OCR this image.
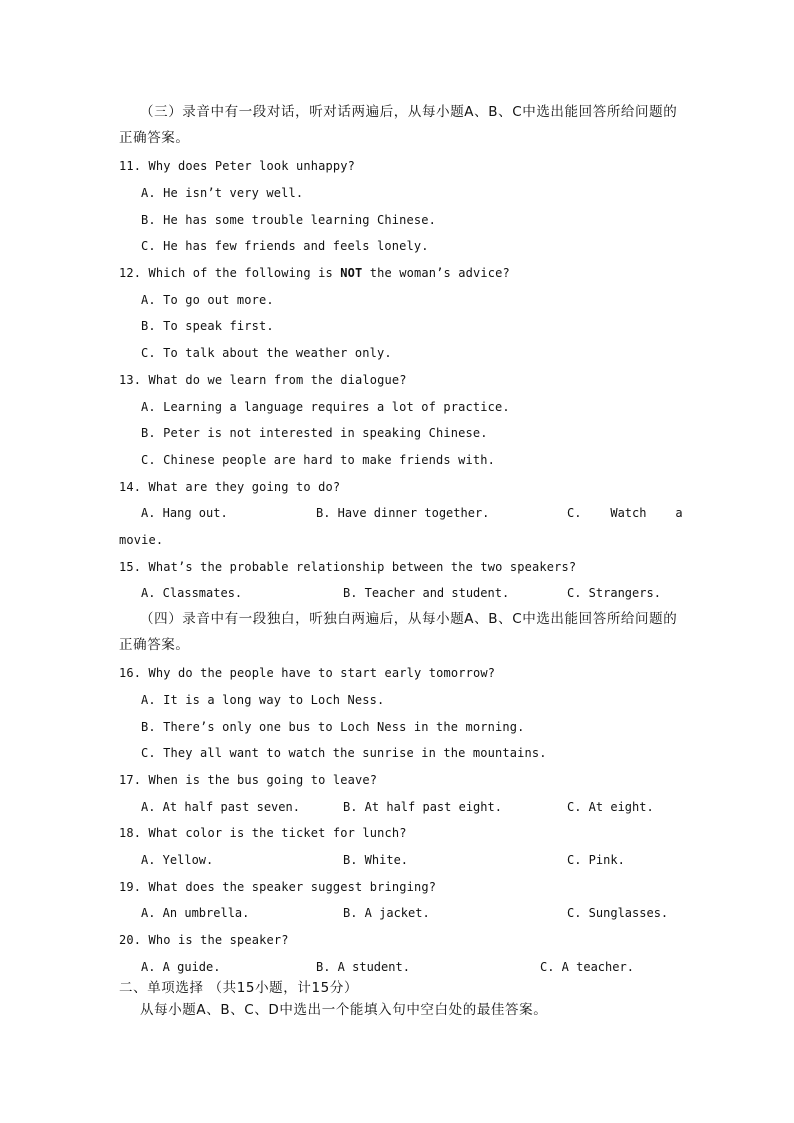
（三）录音中有一段对话，听对话两遍后，从每小题A、B、C中选出能回答所给问题的
正确答案。
11. Why does Peter look unhappy?
A. He isn’t very well.
B. He has some trouble learning Chinese.
C. He has few friends and feels lonely.
12. Which of the following is NOT the woman’s advice?
A. To go out more.
B. To speak first.
C. To talk about the weather only.
13. What do we learn from the dialogue?
A. Learning a language requires a lot of practice.
B. Peter is not interested in speaking Chinese.
C. Chinese people are hard to make friends with.
14. What are they going to do?
A. Hang out.	B. Have dinner together.	C.    Watch    a
movie.
15. What’s the probable relationship between the two speakers?
A. Classmates.	B. Teacher and student.	C. Strangers.
（四）录音中有一段独白，听独白两遍后，从每小题A、B、C中选出能回答所给问题的
正确答案。
16. Why do the people have to start early tomorrow?
A. It is a long way to Loch Ness.
B. There’s only one bus to Loch Ness in the morning.
C. They all want to watch the sunrise in the mountains.
17. When is the bus going to leave?
A. At half past seven.	B. At half past eight.	C. At eight.
18. What color is the ticket for lunch?
A. Yellow.	B. White.	C. Pink.
19. What does the speaker suggest bringing?
A. An umbrella.	B. A jacket.	C. Sunglasses.
20. Who is the speaker?
A. A guide.	B. A student.	C. A teacher.
二、单项选择 （共15小题，计15分）
从每小题A、B、C、D中选出一个能填入句中空白处的最佳答案。
